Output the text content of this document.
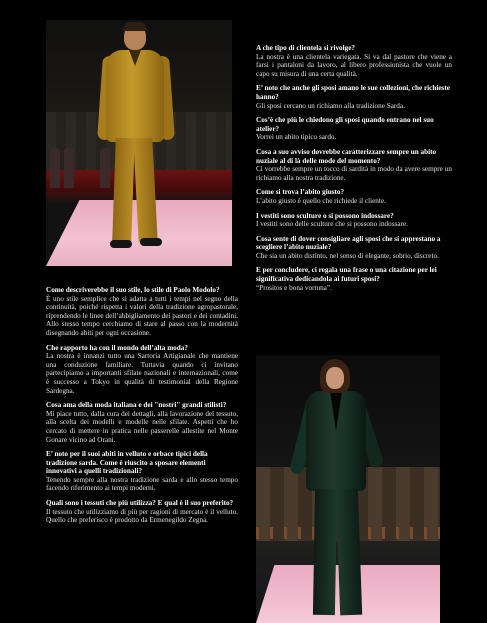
A che tipo di clientela si rivolge?

La nostra è una clientela variegata. Si va dal pastore che viene a farsi i pantaloni da lavoro, al libero professionista che vuole un capo su misura di una certa qualità.

E’ noto che anche gli sposi amano le sue collezioni, che richieste hanno?

Gli sposi cercano un richiamo alla tradizione Sarda.

Cos’è che più le chiedono gli sposi quando entrano nel suo atelier?

Vorrei un abito tipico sardo.

Cosa a suo avviso dovrebbe caratterizzare sempre un abito nuziale al di là delle mode del momento?

Ci vorrebbe sempre un tocco di sardità in modo da avere sempre un richiamo alla nostra tradizione.

Come si trova l’abito giusto?

L’abito giusto è quello che richiede il cliente.

I vestiti sono sculture o si possono indossare?

I vestiti sono delle sculture che si possono indossare.

Cosa sente di dover consigliare agli sposi che si apprestano a scegliere l’abito nuziale?

Che sia un abito distinto, nel senso di elegante, sobrio, discreto.

E per concludere, ci regala una frase o una citazione per lei significativa dedicandola ai futuri sposi?

“Prositos e bona vortuna”.

Come descriverebbe il suo stile, lo stile di Paolo Modolo?

È uno stile semplice che si adatta a tutti i tempi nel segno della continuità, poiché rispetta i valori della tradizione agropastorale, riprendendo le linee dell’abbigliamento dei pastori e dei contadini. Allo stesso tempo cerchiamo di stare al passo con la modernità disegnando abiti per ogni occasione.

Che rapporto ha con il mondo dell’alta moda?

La nostra è innanzi tutto una Sartoria Artigianale che mantiene una conduzione familiare. Tuttavia quando ci invitano partecipiamo a importanti sfilate nazionali e internazionali, come è successo a Tokyo in qualità di testimonial della Regione Sardegna.

Cosa ama della moda italiana e dei "nostri" grandi stilisti?

Mi piace tutto, dalla cura dei dettagli, alla lavorazione del tessuto, alla scelta dei modelli e modelle nelle sfilate. Aspetti che ho cercato di mettere in pratica nelle passerelle allestite nel Monte Gonare vicino ad Orani.

E’ noto per il suoi abiti in velluto e orbace tipici della tradizione sarda. Come è riuscito a sposare elementi innovativi a quelli tradizionali?

Tenendo sempre alla nostra tradizione sarda e allo stesso tempo facendo riferimento ai tempi moderni.

Quali sono i tessuti che più utilizza? E qual è il suo preferito?

Il tessuto che utilizziamo di più per ragioni di mercato è il velluto. Quello che preferisco è prodotto da Ermenegildo Zegna.
